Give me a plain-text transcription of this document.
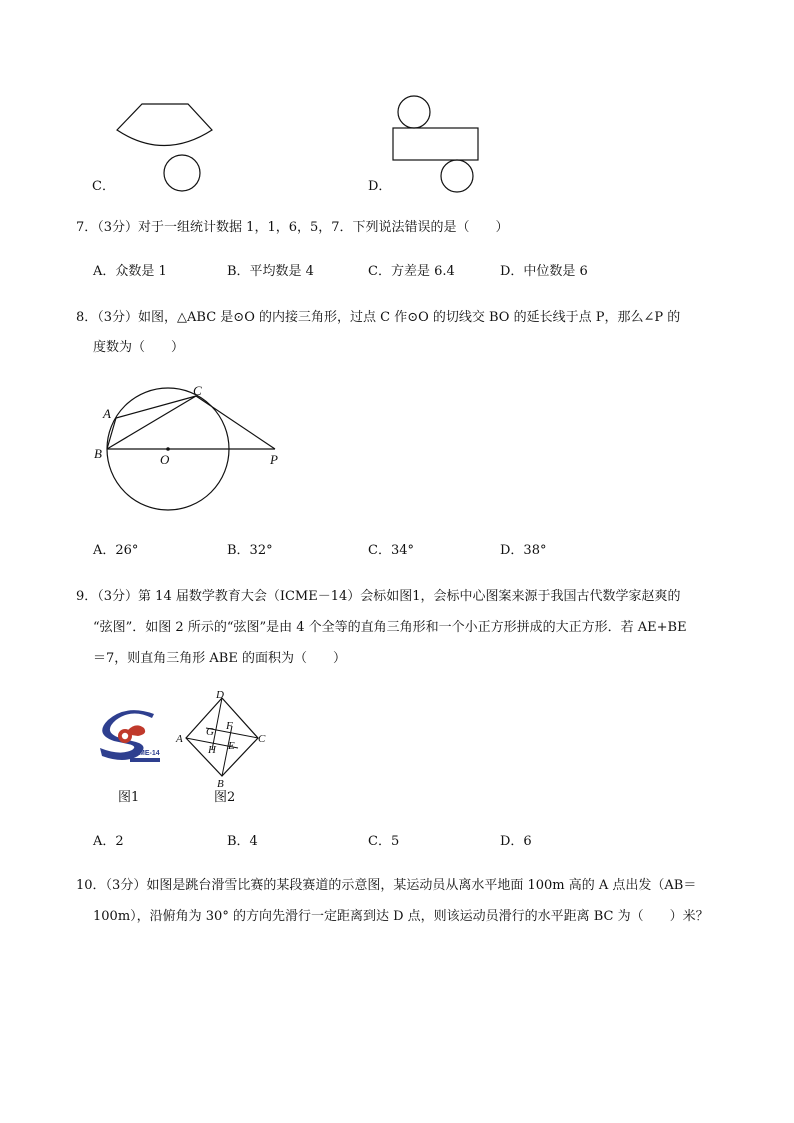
C．	D．
7．（3分）对于一组统计数据 1，1，6，5，7．下列说法错误的是（　　）
A．众数是 1	B．平均数是 4	C．方差是 6.4	D．中位数是 6
8．（3分）如图，△ABC 是⊙O 的内接三角形，过点 C 作⊙O 的切线交 BO 的延长线于点 P，那么∠P 的
度数为（　　）
A
B
C
O	P
A．26°	B．32°	C．34°	D．38°
9．（3分）第 14 届数学教育大会（ICME－14）会标如图1，会标中心图案来源于我国古代数学家赵爽的
“弦图”．如图 2 所示的“弦图”是由 4 个全等的直角三角形和一个小正方形拼成的大正方形．若 AE+BE
＝7，则直角三角形 ABE 的面积为（　　）
ICME-14
D
A	C
B
F
G
H E
图1	图2
A．2	B．4	C．5	D．6
10．（3分）如图是跳台滑雪比赛的某段赛道的示意图，某运动员从离水平地面 100m 高的 A 点出发（AB＝
100m），沿俯角为 30° 的方向先滑行一定距离到达 D 点，则该运动员滑行的水平距离 BC 为（　　）米？
